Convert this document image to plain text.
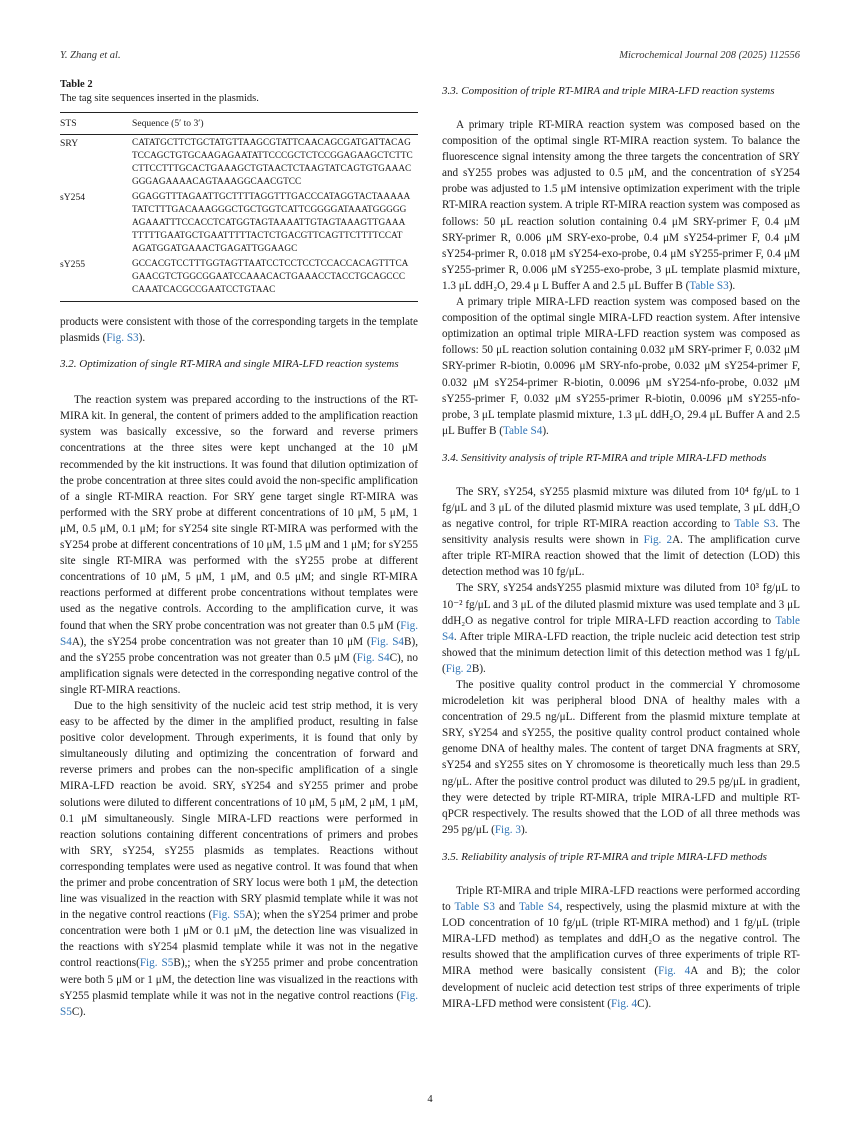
Y. Zhang et al.	Microchemical Journal 208 (2025) 112556
Table 2
The tag site sequences inserted in the plasmids.
STS	Sequence (5′ to 3′)
SRY	CATATGCTTCTGCTATGTTAAGCGTATTCAACAGCGATGATTACAG
TCCAGCTGTGCAAGAGAATATTCCCGCTCTCCGGAGAAGCTCTTC
CTTCCTTTGCACTGAAAGCTGTAACTCTAAGTATCAGTGTGAAAC
GGGAGAAAACAGTAAAGGCAACGTCC

sY254	GGAGGTTTAGAATTGCTTTTAGGTTTGACCCATAGGTACTAAAAA
TATCTTTGACAAAGGGCTGCTGGTCATTCGGGGATAAATGGGGG
AGAAATTTCCACCTCATGGTAGTAAAATTGTAGTAAAGTTGAAA
TTTTTGAATGCTGAATTTTTACTCTGACGTTCAGTTCTTTTCCAT
AGATGGATGAAACTGAGATTGGAAGC

sY255	GCCACGTCCTTTGGTAGTTAATCCTCCTCCTCCACCACAGTTTCA
GAACGTCTGGCGGAATCCAAACACTGAAACCTACCTGCAGCCC
CAAATCACGCCGAATCCTGTAAC

products were consistent with those of the corresponding targets in the template plasmids (Fig. S3).

3.2. Optimization of single RT-MIRA and single MIRA-LFD reaction systems

The reaction system was prepared according to the instructions of the RT-MIRA kit. In general, the content of primers added to the amplification reaction system was basically excessive, so the forward and reverse primers concentrations at the three sites were kept unchanged at the 10 μM recommended by the kit instructions. It was found that dilution optimization of the probe concentration at three sites could avoid the non-specific amplification of a single RT-MIRA reaction. For SRY gene target single RT-MIRA was performed with the SRY probe at different concentrations of 10 μM, 5 μM, 1 μM, 0.5 μM, 0.1 μM; for sY254 site single RT-MIRA was performed with the sY254 probe at different concentrations of 10 μM, 1.5 μM and 1 μM; for sY255 site single RT-MIRA was performed with the sY255 probe at different concentrations of 10 μM, 5 μM, 1 μM, and 0.5 μM; and single RT-MIRA reactions performed at different probe concentrations without templates were used as the negative controls. According to the amplification curve, it was found that when the SRY probe concentration was not greater than 0.5 μM (Fig. S4A), the sY254 probe concentration was not greater than 10 μM (Fig. S4B), and the sY255 probe concentration was not greater than 0.5 μM (Fig. S4C), no amplification signals were detected in the corresponding negative control of the single RT-MIRA reactions.

Due to the high sensitivity of the nucleic acid test strip method, it is very easy to be affected by the dimer in the amplified product, resulting in false positive color development. Through experiments, it is found that only by simultaneously diluting and optimizing the concentration of forward and reverse primers and probes can the non-specific amplification of a single MIRA-LFD reaction be avoid. SRY, sY254 and sY255 primer and probe solutions were diluted to different concentrations of 10 μM, 5 μM, 2 μM, 1 μM, 0.1 μM simultaneously. Single MIRA-LFD reactions were performed in reaction solutions containing different concentrations of primers and probes with SRY, sY254, sY255 plasmids as templates. Reactions without corresponding templates were used as negative control. It was found that when the primer and probe concentration of SRY locus were both 1 μM, the detection line was visualized in the reaction with SRY plasmid template while it was not in the negative control reactions (Fig. S5A); when the sY254 primer and probe concentration were both 1 μM or 0.1 μM, the detection line was visualized in the reactions with sY254 plasmid template while it was not in the negative control reactions(Fig. S5B),; when the sY255 primer and probe concentration were both 5 μM or 1 μM, the detection line was visualized in the reactions with sY255 plasmid template while it was not in the negative control reactions (Fig. S5C).

3.3. Composition of triple RT-MIRA and triple MIRA-LFD reaction systems

A primary triple RT-MIRA reaction system was composed based on the composition of the optimal single RT-MIRA reaction system. To balance the fluorescence signal intensity among the three targets the concentration of SRY and sY255 probes was adjusted to 0.5 μM, and the concentration of sY254 probe was adjusted to 1.5 μM intensive optimization experiment with the triple RT-MIRA reaction system. A triple RT-MIRA reaction system was composed as follows: 50 μL reaction solution containing 0.4 μM SRY-primer F, 0.4 μM SRY-primer R, 0.006 μM SRY-exo-probe, 0.4 μM sY254-primer F, 0.4 μM sY254-primer R, 0.018 μM sY254-exo-probe, 0.4 μM sY255-primer F, 0.4 μM sY255-primer R, 0.006 μM sY255-exo-probe, 3 μL template plasmid mixture, 1.3 μL ddH₂O, 29.4 μ L Buffer A and 2.5 μL Buffer B (Table S3).

A primary triple MIRA-LFD reaction system was composed based on the composition of the optimal single MIRA-LFD reaction system. After intensive optimization an optimal triple MIRA-LFD reaction system was composed as follows: 50 μL reaction solution containing 0.032 μM SRY-primer F, 0.032 μM SRY-primer R-biotin, 0.0096 μM SRY-nfo-probe, 0.032 μM sY254-primer F, 0.032 μM sY254-primer R-biotin, 0.0096 μM sY254-nfo-probe, 0.032 μM sY255-primer F, 0.032 μM sY255-primer R-biotin, 0.0096 μM sY255-nfo-probe, 3 μL template plasmid mixture, 1.3 μL ddH₂O, 29.4 μL Buffer A and 2.5 μL Buffer B (Table S4).

3.4. Sensitivity analysis of triple RT-MIRA and triple MIRA-LFD methods

The SRY, sY254, sY255 plasmid mixture was diluted from 10⁴ fg/μL to 1 fg/μL and 3 μL of the diluted plasmid mixture was used template, 3 μL ddH₂O as negative control, for triple RT-MIRA reaction according to Table S3. The sensitivity analysis results were shown in Fig. 2A. The amplification curve after triple RT-MIRA reaction showed that the limit of detection (LOD) this detection method was 10 fg/μL.

The SRY, sY254 andsY255 plasmid mixture was diluted from 10³ fg/μL to 10⁻² fg/μL and 3 μL of the diluted plasmid mixture was used template and 3 μL ddH₂O as negative control for triple MIRA-LFD reaction according to Table S4. After triple MIRA-LFD reaction, the triple nucleic acid detection test strip showed that the minimum detection limit of this detection method was 1 fg/μL (Fig. 2B).

The positive quality control product in the commercial Y chromosome microdeletion kit was peripheral blood DNA of healthy males with a concentration of 29.5 ng/μL. Different from the plasmid mixture template at SRY, sY254 and sY255, the positive quality control product contained whole genome DNA of healthy males. The content of target DNA fragments at SRY, sY254 and sY255 sites on Y chromosome is theoretically much less than 29.5 ng/μL. After the positive control product was diluted to 29.5 pg/μL in gradient, they were detected by triple RT-MIRA, triple MIRA-LFD and multiple RT-qPCR respectively. The results showed that the LOD of all three methods was 295 pg/μL (Fig. 3).

3.5. Reliability analysis of triple RT-MIRA and triple MIRA-LFD methods

Triple RT-MIRA and triple MIRA-LFD reactions were performed according to Table S3 and Table S4, respectively, using the plasmid mixture at with the LOD concentration of 10 fg/μL (triple RT-MIRA method) and 1 fg/μL (triple MIRA-LFD method) as templates and ddH₂O as the negative control. The results showed that the amplification curves of three experiments of triple RT-MIRA method were basically consistent (Fig. 4A and B); the color development of nucleic acid detection test strips of three experiments of triple MIRA-LFD method were consistent (Fig. 4C).

4
